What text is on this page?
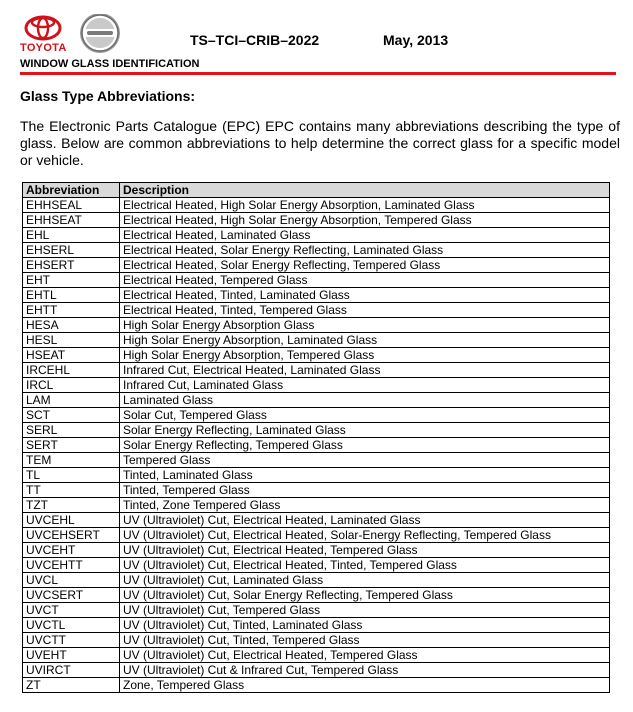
TOYOTA	TS–TCI–CRIB–2022	May, 2013
WINDOW GLASS IDENTIFICATION
Glass Type Abbreviations:
The Electronic Parts Catalogue (EPC) EPC contains many abbreviations describing the type of glass. Below are common abbreviations to help determine the correct glass for a specific model or vehicle.
Abbreviation	Description
EHHSEAL	Electrical Heated, High Solar Energy Absorption, Laminated Glass
EHHSEAT	Electrical Heated, High Solar Energy Absorption, Tempered Glass
EHL	Electrical Heated, Laminated Glass
EHSERL	Electrical Heated, Solar Energy Reflecting, Laminated Glass
EHSERT	Electrical Heated, Solar Energy Reflecting, Tempered Glass
EHT	Electrical Heated, Tempered Glass
EHTL	Electrical Heated, Tinted, Laminated Glass
EHTT	Electrical Heated, Tinted, Tempered Glass
HESA	High Solar Energy Absorption Glass
HESL	High Solar Energy Absorption, Laminated Glass
HSEAT	High Solar Energy Absorption, Tempered Glass
IRCEHL	Infrared Cut, Electrical Heated, Laminated Glass
IRCL	Infrared Cut, Laminated Glass
LAM	Laminated Glass
SCT	Solar Cut, Tempered Glass
SERL	Solar Energy Reflecting, Laminated Glass
SERT	Solar Energy Reflecting, Tempered Glass
TEM	Tempered Glass
TL	Tinted, Laminated Glass
TT	Tinted, Tempered Glass
TZT	Tinted, Zone Tempered Glass
UVCEHL	UV (Ultraviolet) Cut, Electrical Heated, Laminated Glass
UVCEHSERT	UV (Ultraviolet) Cut, Electrical Heated, Solar-Energy Reflecting, Tempered Glass
UVCEHT	UV (Ultraviolet) Cut, Electrical Heated, Tempered Glass
UVCEHTT	UV (Ultraviolet) Cut, Electrical Heated, Tinted, Tempered Glass
UVCL	UV (Ultraviolet) Cut, Laminated Glass
UVCSERT	UV (Ultraviolet) Cut, Solar Energy Reflecting, Tempered Glass
UVCT	UV (Ultraviolet) Cut, Tempered Glass
UVCTL	UV (Ultraviolet) Cut, Tinted, Laminated Glass
UVCTT	UV (Ultraviolet) Cut, Tinted, Tempered Glass
UVEHT	UV (Ultraviolet) Cut, Electrical Heated, Tempered Glass
UVIRCT	UV (Ultraviolet) Cut & Infrared Cut, Tempered Glass
ZT	Zone, Tempered Glass
